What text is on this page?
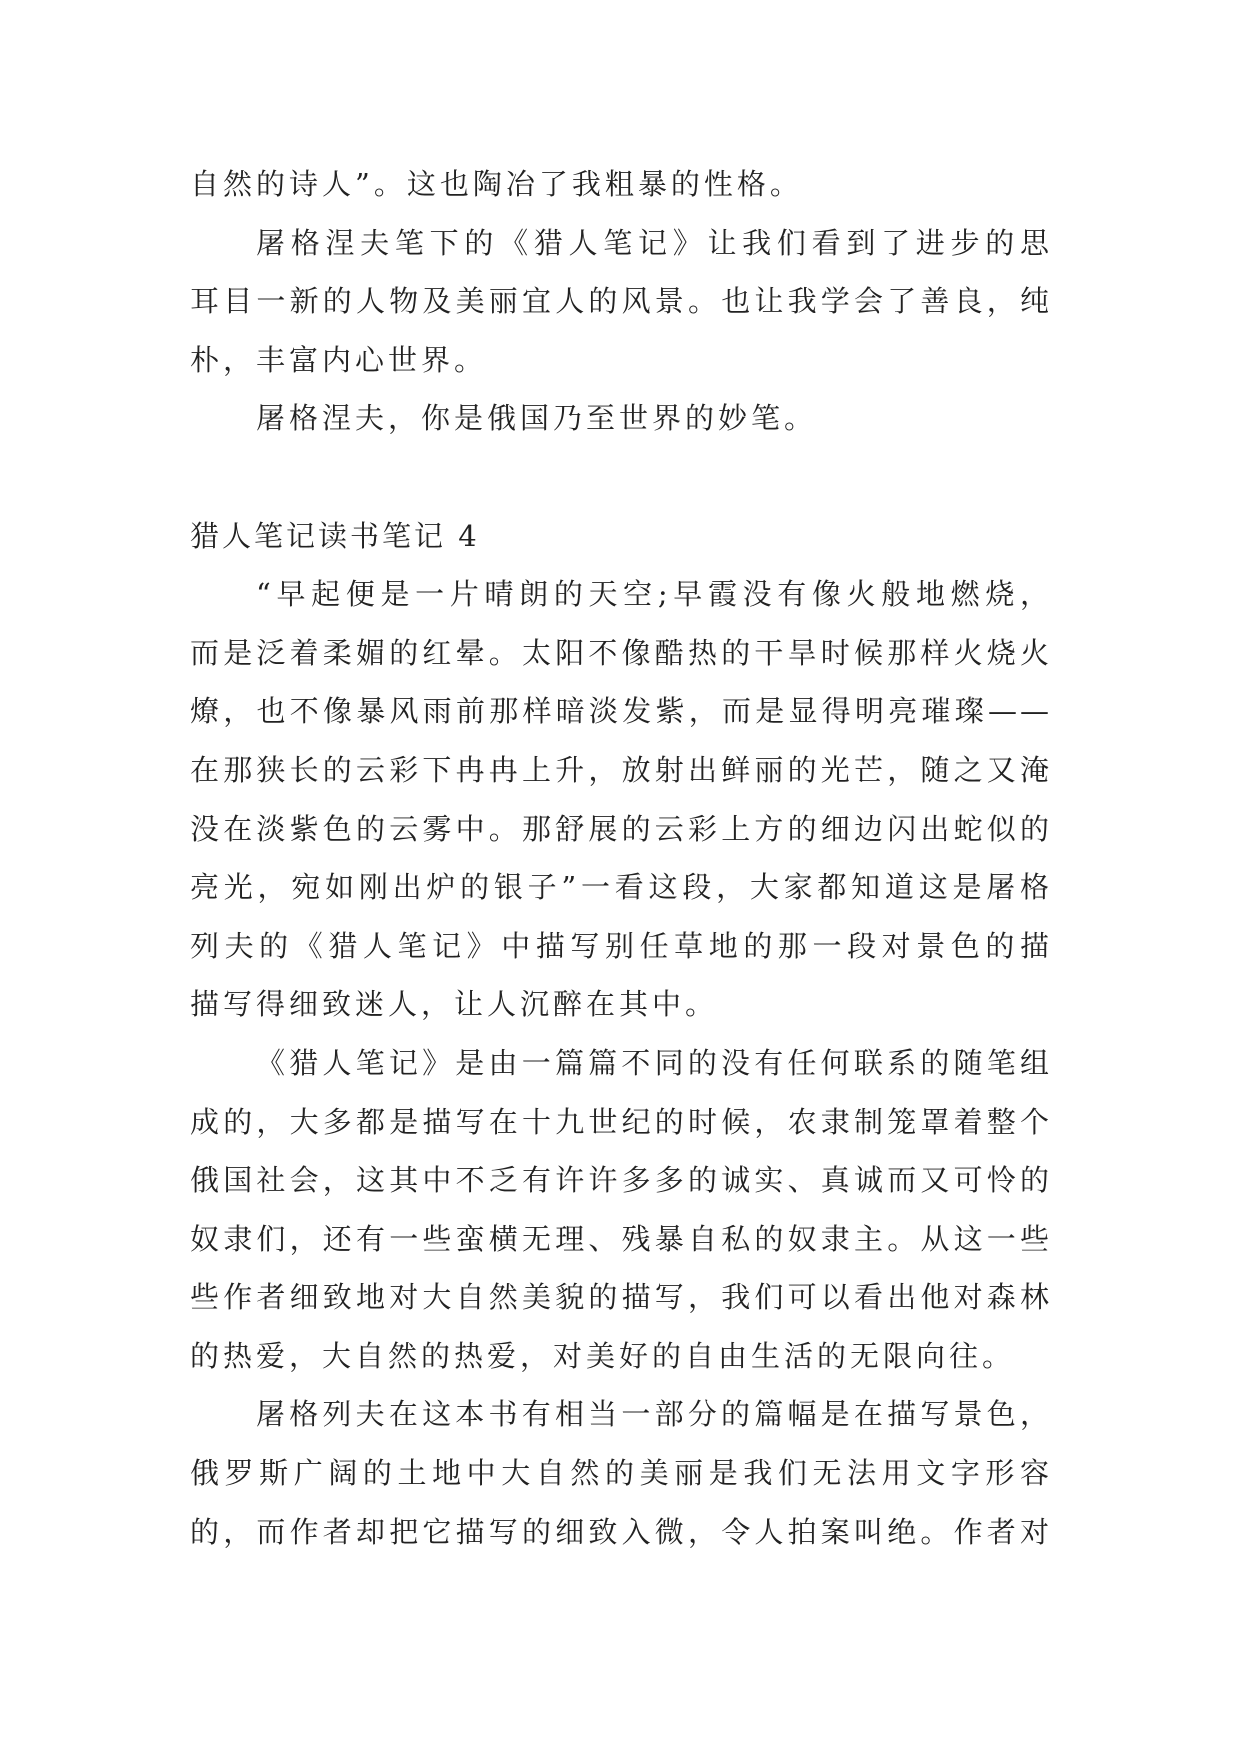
自然的诗人”。这也陶冶了我粗暴的性格。
屠格涅夫笔下的《猎人笔记》让我们看到了进步的思
耳目一新的人物及美丽宜人的风景。也让我学会了善良，纯
朴，丰富内心世界。
屠格涅夫，你是俄国乃至世界的妙笔。
猎人笔记读书笔记 4
“早起便是一片晴朗的天空;早霞没有像火般地燃烧，
而是泛着柔媚的红晕。太阳不像酷热的干旱时候那样火烧火
燎，也不像暴风雨前那样暗淡发紫，而是显得明亮璀璨——
在那狭长的云彩下冉冉上升，放射出鲜丽的光芒，随之又淹
没在淡紫色的云雾中。那舒展的云彩上方的细边闪出蛇似的
亮光，宛如刚出炉的银子”一看这段，大家都知道这是屠格
列夫的《猎人笔记》中描写别任草地的那一段对景色的描
描写得细致迷人，让人沉醉在其中。
《猎人笔记》是由一篇篇不同的没有任何联系的随笔组
成的，大多都是描写在十九世纪的时候，农隶制笼罩着整个
俄国社会，这其中不乏有许许多多的诚实、真诚而又可怜的
奴隶们，还有一些蛮横无理、残暴自私的奴隶主。从这一些
些作者细致地对大自然美貌的描写，我们可以看出他对森林
的热爱，大自然的热爱，对美好的自由生活的无限向往。
屠格列夫在这本书有相当一部分的篇幅是在描写景色，
俄罗斯广阔的土地中大自然的美丽是我们无法用文字形容
的，而作者却把它描写的细致入微，令人拍案叫绝。作者对
